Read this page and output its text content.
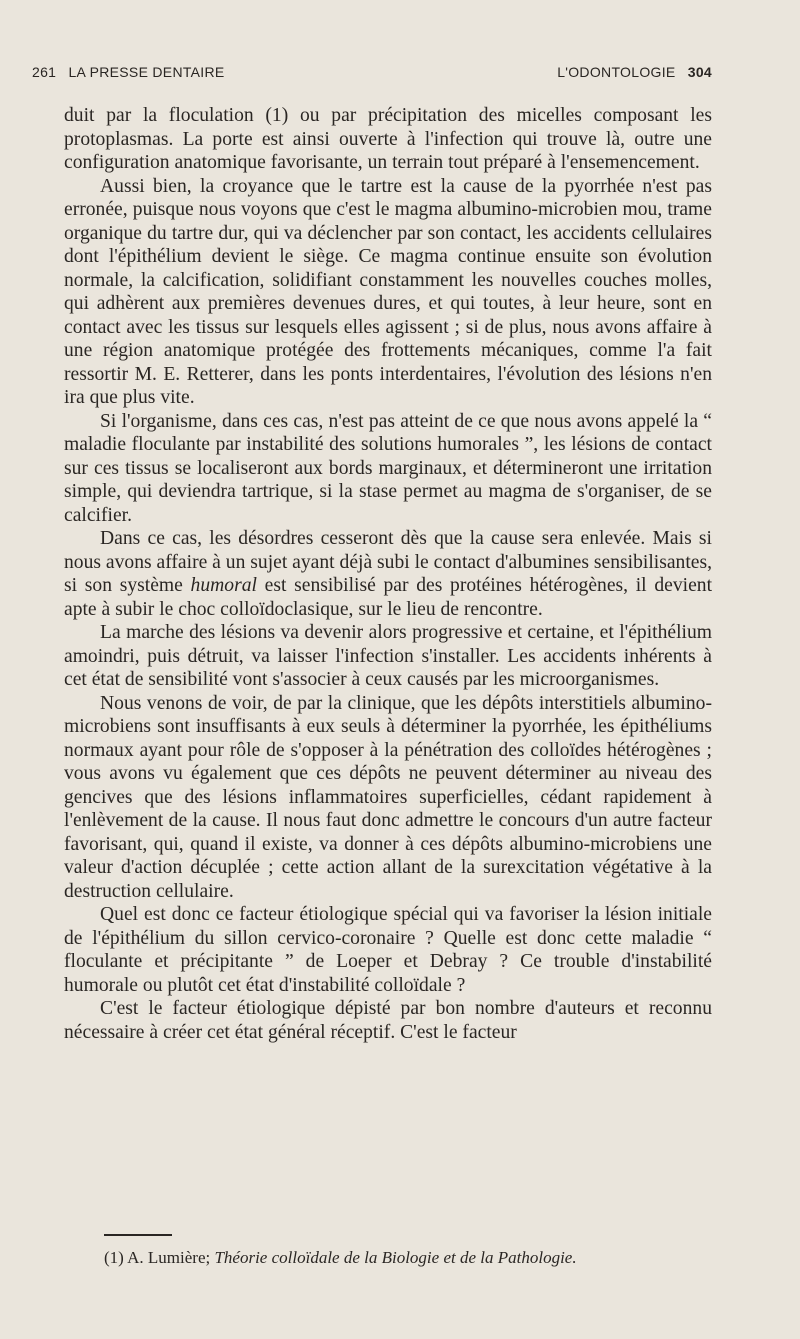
261 LA PRESSE DENTAIRE	L'ODONTOLOGIE 304

duit par la floculation (1) ou par précipitation des micelles composant les protoplasmas. La porte est ainsi ouverte à l'infection qui trouve là, outre une configuration anatomique favorisante, un terrain tout préparé à l'ensemencement.

Aussi bien, la croyance que le tartre est la cause de la pyorrhée n'est pas erronée, puisque nous voyons que c'est le magma albumino-microbien mou, trame organique du tartre dur, qui va déclencher par son contact, les accidents cellulaires dont l'épithélium devient le siège. Ce magma continue ensuite son évolution normale, la calcification, solidifiant constamment les nouvelles couches molles, qui adhèrent aux premières devenues dures, et qui toutes, à leur heure, sont en contact avec les tissus sur lesquels elles agissent ; si de plus, nous avons affaire à une région anatomique protégée des frottements mécaniques, comme l'a fait ressortir M. E. Retterer, dans les ponts interdentaires, l'évolution des lésions n'en ira que plus vite.

Si l'organisme, dans ces cas, n'est pas atteint de ce que nous avons appelé la “ maladie floculante par instabilité des solutions humorales ”, les lésions de contact sur ces tissus se localiseront aux bords marginaux, et détermineront une irritation simple, qui deviendra tartrique, si la stase permet au magma de s'organiser, de se calcifier.

Dans ce cas, les désordres cesseront dès que la cause sera enlevée. Mais si nous avons affaire à un sujet ayant déjà subi le contact d'albumines sensibilisantes, si son système humoral est sensibilisé par des protéines hétérogènes, il devient apte à subir le choc colloïdoclasique, sur le lieu de rencontre.

La marche des lésions va devenir alors progressive et certaine, et l'épithélium amoindri, puis détruit, va laisser l'infection s'installer. Les accidents inhérents à cet état de sensibilité vont s'associer à ceux causés par les microorganismes.

Nous venons de voir, de par la clinique, que les dépôts interstitiels albumino-microbiens sont insuffisants à eux seuls à déterminer la pyorrhée, les épithéliums normaux ayant pour rôle de s'opposer à la pénétration des colloïdes hétérogènes ; vous avons vu également que ces dépôts ne peuvent déterminer au niveau des gencives que des lésions inflammatoires superficielles, cédant rapidement à l'enlèvement de la cause. Il nous faut donc admettre le concours d'un autre facteur favorisant, qui, quand il existe, va donner à ces dépôts albumino-microbiens une valeur d'action décuplée ; cette action allant de la surexcitation végétative à la destruction cellulaire.

Quel est donc ce facteur étiologique spécial qui va favoriser la lésion initiale de l'épithélium du sillon cervico-coronaire ? Quelle est donc cette maladie “ floculante et précipitante ” de Loeper et Debray ? Ce trouble d'instabilité humorale ou plutôt cet état d'instabilité colloïdale ?

C'est le facteur étiologique dépisté par bon nombre d'auteurs et reconnu nécessaire à créer cet état général réceptif. C'est le facteur

(1) A. Lumière; Théorie colloïdale de la Biologie et de la Pathologie.
